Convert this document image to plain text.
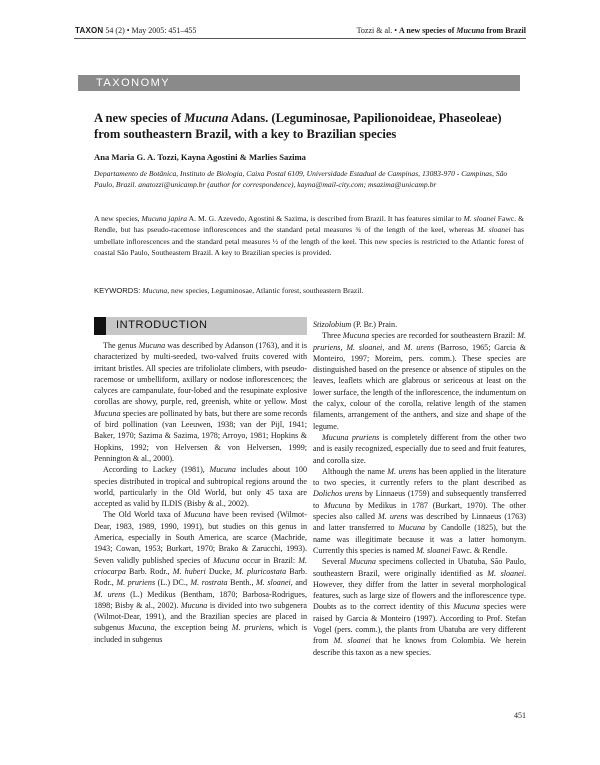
TAXON 54 (2) • May 2005: 451–455	Tozzi & al. • A new species of Mucuna from Brazil
TAXONOMY
A new species of Mucuna Adans. (Leguminosae, Papilionoideae, Phaseoleae) from southeastern Brazil, with a key to Brazilian species
Ana Maria G. A. Tozzi, Kayna Agostini & Marlies Sazima
Departamento de Botânica, Instituto de Biologia, Caixa Postal 6109, Universidade Estadual de Campinas, 13083-970 - Campinas, São Paulo, Brazil. anatozzi@unicamp.br (author for correspondence), kayna@mail-city.com; msazima@unicamp.br

A new species, Mucuna japira A. M. G. Azevedo, Agostini & Sazima, is described from Brazil. It has features similar to M. sloanei Fawc. & Rendle, but has pseudo-racemose inflorescences and the standard petal measures ¾ of the length of the keel, whereas M. sloanei has umbellate inflorescences and the standard petal measures ½ of the length of the keel. This new species is restricted to the Atlantic forest of coastal São Paulo, Southeastern Brazil. A key to Brazilian species is provided.

KEYWORDS: Mucuna, new species, Leguminosae, Atlantic forest, southeastern Brazil.
INTRODUCTION

The genus Mucuna was described by Adanson (1763), and it is characterized by multi-seeded, two-valved fruits covered with irritant bristles. All species are trifoliolate climbers, with pseudo-racemose or umbelliform, axillary or nodose inflorescences; the calyces are campanulate, four-lobed and the resupinate explosive corollas are showy, purple, red, greenish, white or yellow. Most Mucuna species are pollinated by bats, but there are some records of bird pollination (van Leeuwen, 1938; van der Pijl, 1941; Baker, 1970; Sazima & Sazima, 1978; Arroyo, 1981; Hopkins & Hopkins, 1992; von Helversen & von Helversen, 1999; Pennington & al., 2000).

According to Lackey (1981), Mucuna includes about 100 species distributed in tropical and subtropical regions around the world, particularly in the Old World, but only 45 taxa are accepted as valid by ILDIS (Bisby & al., 2002).

The Old World taxa of Mucuna have been revised (Wilmot-Dear, 1983, 1989, 1990, 1991), but studies on this genus in America, especially in South America, are scarce (Macbride, 1943; Cowan, 1953; Burkart, 1970; Brako & Zarucchi, 1993). Seven validly published species of Mucuna occur in Brazil: M. criocarpa Barb. Rodr., M. huberi Ducke, M. pluricostata Barb. Rodr., M. pruriens (L.) DC., M. rostrata Benth., M. sloanei, and M. urens (L.) Medikus (Bentham, 1870; Barbosa-Rodrigues, 1898; Bisby & al., 2002). Mucuna is divided into two subgenera (Wilmot-Dear, 1991), and the Brazilian species are placed in subgenus Mucuna, the exception being M. pruriens, which is included in subgenus

Stizolobium (P. Br.) Prain.

Three Mucuna species are recorded for southeastern Brazil: M. pruriens, M. sloanei, and M. urens (Barroso, 1965; Garcia & Monteiro, 1997; Moreim, pers. comm.). These species are distinguished based on the presence or absence of stipules on the leaves, leaflets which are glabrous or sericeous at least on the lower surface, the length of the inflorescence, the indumentum on the calyx, colour of the corolla, relative length of the stamen filaments, arrangement of the anthers, and size and shape of the legume.

Mucuna pruriens is completely different from the other two and is easily recognized, especially due to seed and fruit features, and corolla size.

Although the name M. urens has been applied in the literature to two species, it currently refers to the plant described as Dolichos urens by Linnaeus (1759) and subsequently transferred to Mucuna by Medikus in 1787 (Burkart, 1970). The other species also called M. urens was described by Linnaeus (1763) and latter transferred to Mucuna by Candolle (1825), but the name was illegitimate because it was a latter homonym. Currently this species is named M. sloanei Fawc. & Rendle.

Several Mucuna specimens collected in Ubatuba, São Paulo, southeastern Brazil, were originally identified as M. sloanei. However, they differ from the latter in several morphological features, such as large size of flowers and the inflorescence type. Doubts as to the correct identity of this Mucuna species were raised by Garcia & Monteiro (1997). According to Prof. Stefan Vogel (pers. comm.), the plants from Ubatuba are very different from M. sloanei that he knows from Colombia. We herein describe this taxon as a new species.

451
